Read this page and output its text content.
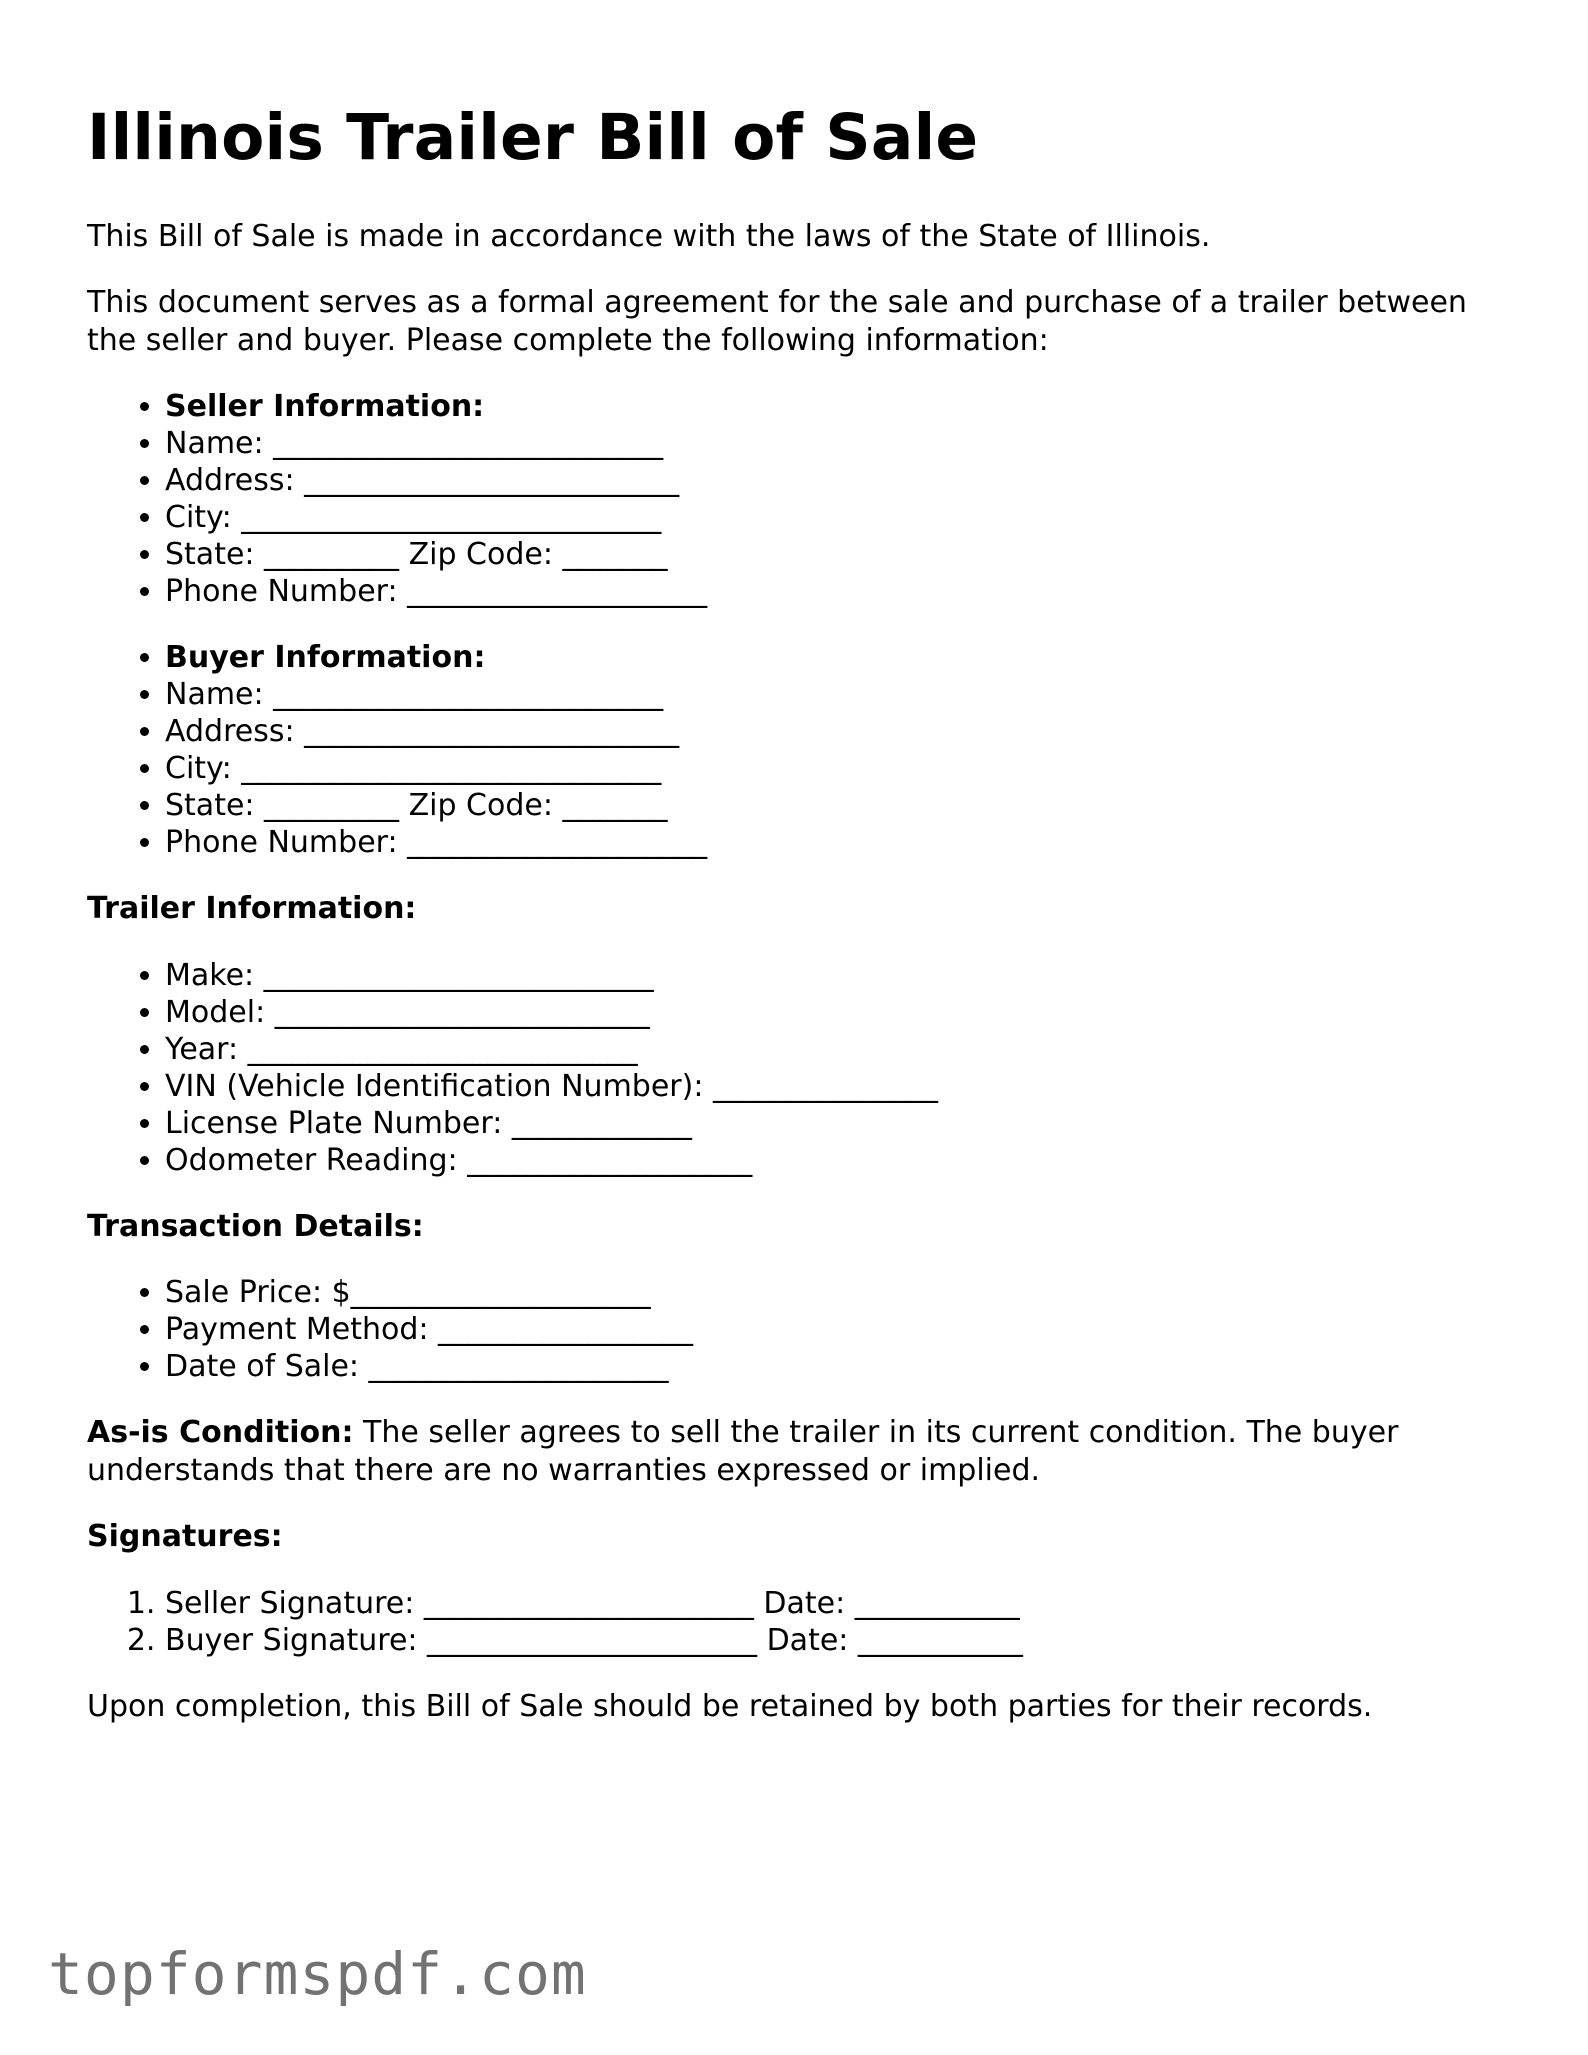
Illinois Trailer Bill of Sale

This Bill of Sale is made in accordance with the laws of the State of Illinois.

This document serves as a formal agreement for the sale and purchase of a trailer between the seller and buyer. Please complete the following information:

• Seller Information:
• Name: __________________________
• Address: _________________________
• City: ____________________________
• State: _________ Zip Code: _______
• Phone Number: ____________________
• Buyer Information:
• Name: __________________________
• Address: _________________________
• City: ____________________________
• State: _________ Zip Code: _______
• Phone Number: ____________________
Trailer Information:
• Make: __________________________
• Model: _________________________
• Year: __________________________
• VIN (Vehicle Identification Number): _______________
• License Plate Number: ____________
• Odometer Reading: ___________________
Transaction Details:
• Sale Price: $____________________
• Payment Method: _________________
• Date of Sale: ____________________

As-is Condition: The seller agrees to sell the trailer in its current condition. The buyer understands that there are no warranties expressed or implied.

Signatures:
1. Seller Signature: ______________________ Date: ___________
2. Buyer Signature: ______________________ Date: ___________

Upon completion, this Bill of Sale should be retained by both parties for their records.

topformspdf.com
